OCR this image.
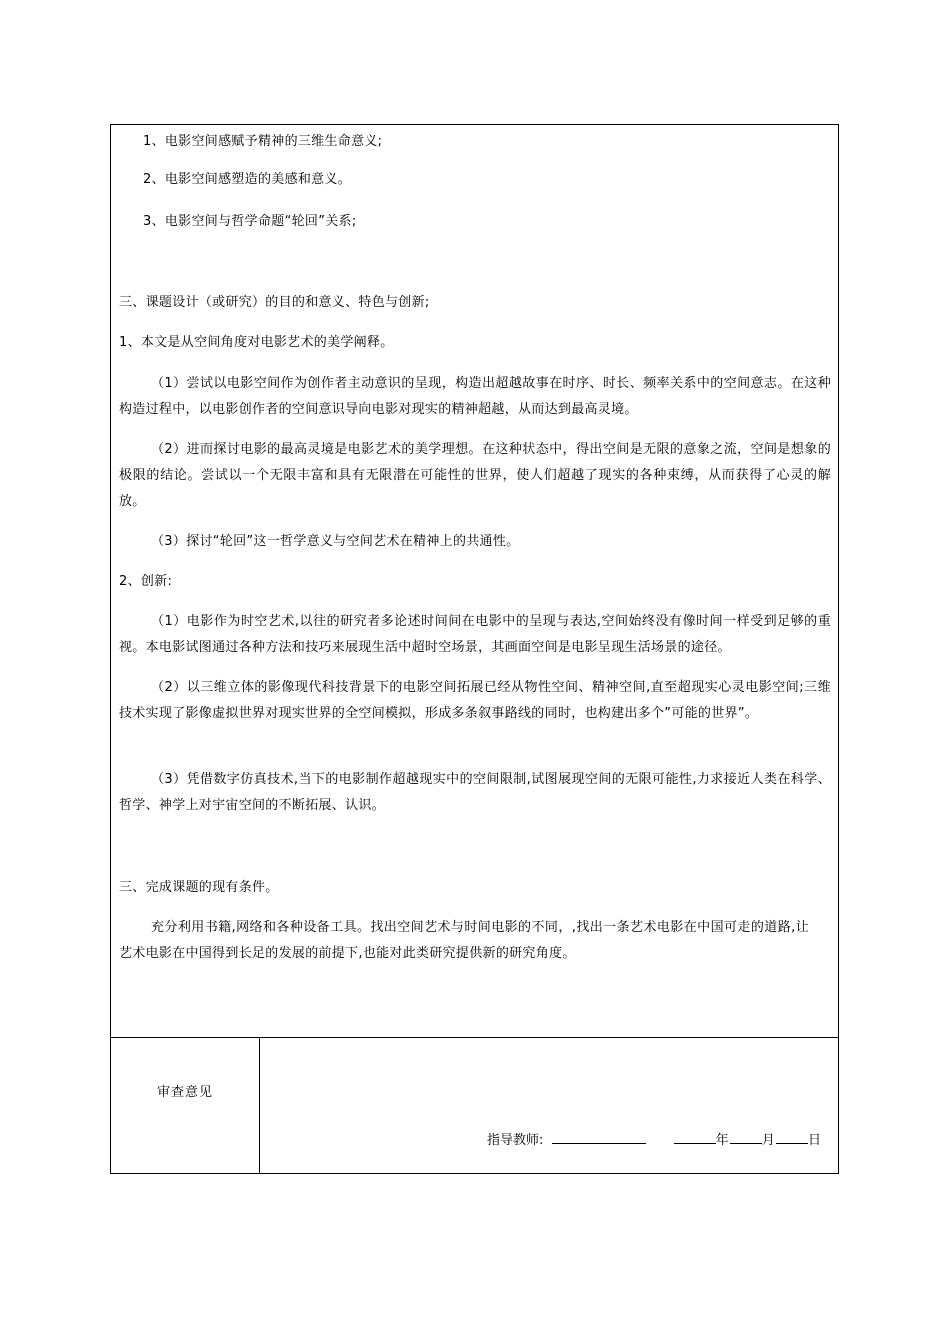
1、电影空间感赋予精神的三维生命意义;
2、电影空间感塑造的美感和意义。
3、电影空间与哲学命题“轮回”关系;
三、课题设计（或研究）的目的和意义、特色与创新;
1、本文是从空间角度对电影艺术的美学阐释。
（1）尝试以电影空间作为创作者主动意识的呈现，构造出超越故事在时序、时长、频率关系中的空间意志。在这种构造过程中，以电影创作者的空间意识导向电影对现实的精神超越，从而达到最高灵境。
（2）进而探讨电影的最高灵境是电影艺术的美学理想。在这种状态中，得出空间是无限的意象之流，空间是想象的极限的结论。尝试以一个无限丰富和具有无限潜在可能性的世界，使人们超越了现实的各种束缚，从而获得了心灵的解放。
（3）探讨“轮回”这一哲学意义与空间艺术在精神上的共通性。
2、创新:
（1）电影作为时空艺术,以往的研究者多论述时间间在电影中的呈现与表达,空间始终没有像时间一样受到足够的重视。本电影试图通过各种方法和技巧来展现生活中超时空场景，其画面空间是电影呈现生活场景的途径。
（2）以三维立体的影像现代科技背景下的电影空间拓展已经从物性空间、精神空间,直至超现实心灵电影空间;三维技术实现了影像虚拟世界对现实世界的全空间模拟，形成多条叙事路线的同时，也构建出多个”可能的世界”。
（3）凭借数字仿真技术,当下的电影制作超越现实中的空间限制,试图展现空间的无限可能性,力求接近人类在科学、哲学、神学上对宇宙空间的不断拓展、认识。
三、完成课题的现有条件。
充分利用书籍,网络和各种设备工具。找出空间艺术与时间电影的不同，,找出一条艺术电影在中国可走的道路,让艺术电影在中国得到长足的发展的前提下,也能对此类研究提供新的研究角度。
审查意见
指导教师:	年	月	日
